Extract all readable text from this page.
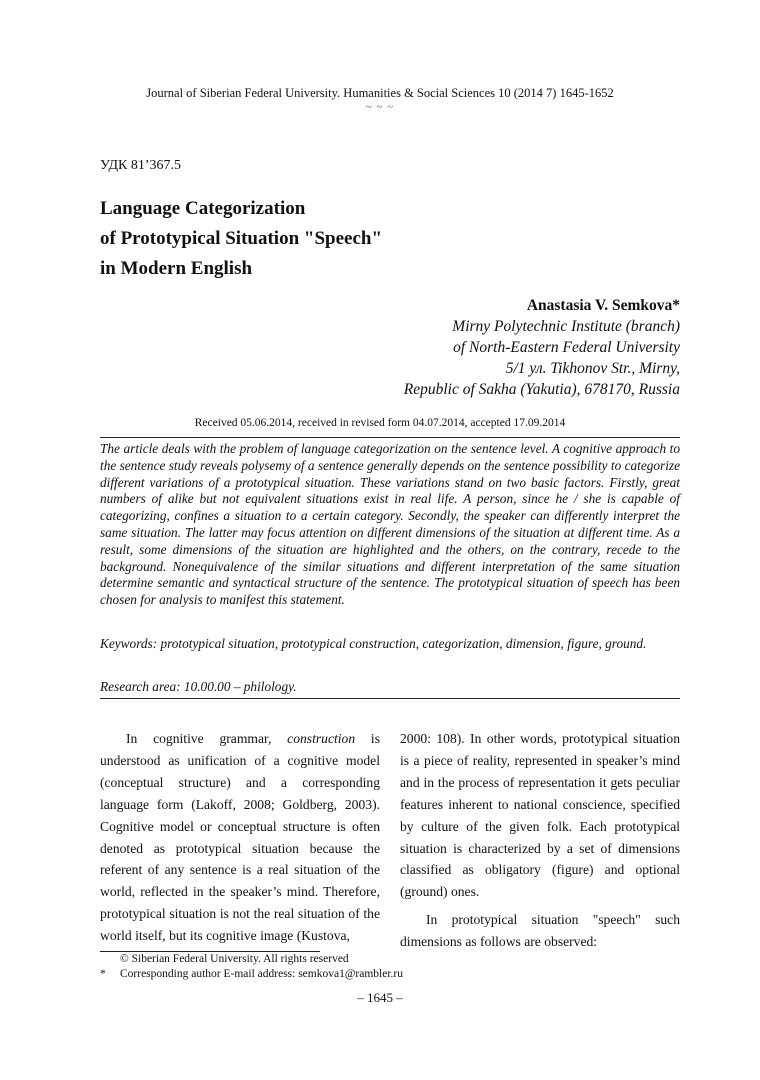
Journal of Siberian Federal University. Humanities & Social Sciences 10 (2014 7) 1645-1652
~ ~ ~
УДК 81’367.5
Language Categorization
of Prototypical Situation "Speech"
in Modern English
Anastasia V. Semkova*
Mirny Polytechnic Institute (branch)
of North-Eastern Federal University
5/1 ул. Tikhonov Str., Mirny,
Republic of Sakha (Yakutia), 678170, Russia
Received 05.06.2014, received in revised form 04.07.2014, accepted 17.09.2014
The article deals with the problem of language categorization on the sentence level. A cognitive approach to the sentence study reveals polysemy of a sentence generally depends on the sentence possibility to categorize different variations of a prototypical situation. These variations stand on two basic factors. Firstly, great numbers of alike but not equivalent situations exist in real life. A person, since he / she is capable of categorizing, confines a situation to a certain category. Secondly, the speaker can differently interpret the same situation. The latter may focus attention on different dimensions of the situation at different time. As a result, some dimensions of the situation are highlighted and the others, on the contrary, recede to the background. Nonequivalence of the similar situations and different interpretation of the same situation determine semantic and syntactical structure of the sentence. The prototypical situation of speech has been chosen for analysis to manifest this statement.
Keywords: prototypical situation, prototypical construction, categorization, dimension, figure, ground.
Research area: 10.00.00 – philology.

In cognitive grammar, construction is understood as unification of a cognitive model (conceptual structure) and a corresponding language form (Lakoff, 2008; Goldberg, 2003). Cognitive model or conceptual structure is often denoted as prototypical situation because the referent of any sentence is a real situation of the world, reflected in the speaker’s mind. Therefore, prototypical situation is not the real situation of the world itself, but its cognitive image (Kustova,

2000: 108). In other words, prototypical situation is a piece of reality, represented in speaker’s mind and in the process of representation it gets peculiar features inherent to national conscience, specified by culture of the given folk. Each prototypical situation is characterized by a set of dimensions classified as obligatory (figure) and optional (ground) ones.

In prototypical situation "speech" such dimensions as follows are observed:

© Siberian Federal University. All rights reserved
* Corresponding author E-mail address: semkova1@rambler.ru
– 1645 –
